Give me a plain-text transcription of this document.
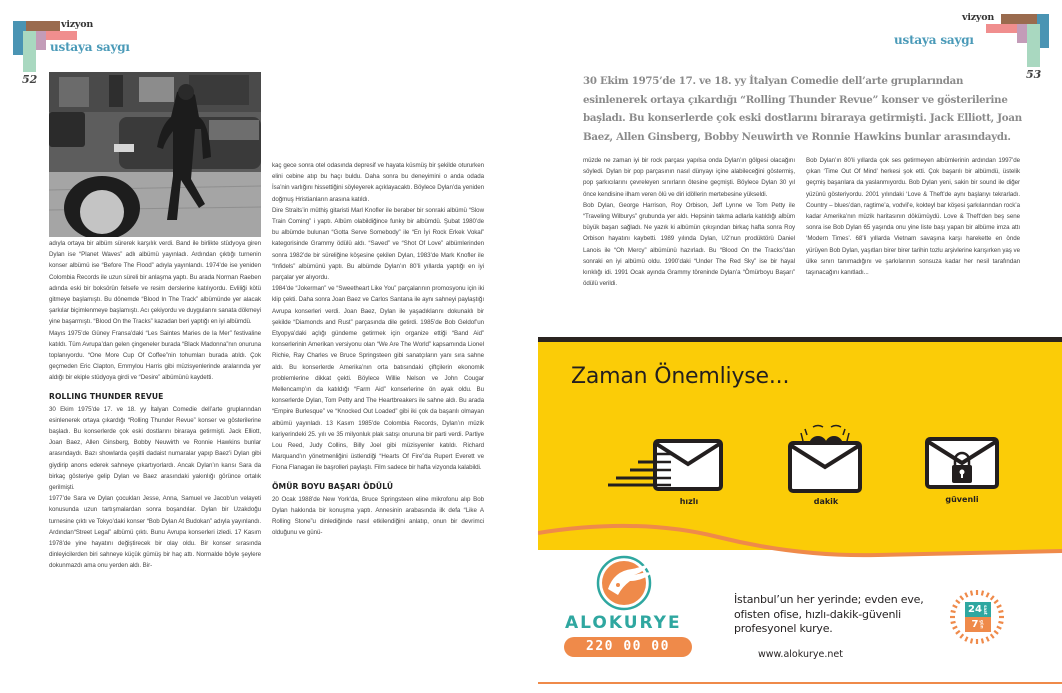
vizyon
ustaya saygı
52
vizyon
ustaya saygı
53

adıyla ortaya bir albüm sürerek karşılık verdi. Band ile birlikte stüdyoya giren Dylan ise “Planet Waves” adlı albümü yayınladı. Ardından çıktığı turnenin konser albümü ise “Before The Flood” adıyla yayınlandı. 1974’de ise yeniden Colombia Records ile uzun süreli bir anlaşma yaptı. Bu arada Norman Raeben adında eski bir boksörün felsefe ve resim derslerine katılıyordu. Evliliği kötü gitmeye başlamıştı. Bu dönemde “Blood In The Track” albümünde yer alacak şarkılar biçimlenmeye başlamıştı. Acı çekiyordu ve duygularını sanata dökmeyi yine başarmıştı. “Blood On the Tracks” kazadan beri yaptığı en iyi albümdü.

Mayıs 1975’de Güney Fransa’daki “Les Saintes Maries de la Mer” festivaline katıldı. Tüm Avrupa’dan gelen çingeneler burada “Black Madonna”nın onuruna toplanıyordu. “One More Cup Of Coffee”nin tohumları burada atıldı. Çok geçmeden Eric Clapton, Emmylou Harris gibi müzisyenlerinde aralarında yer aldığı bir ekiple stüdyoya girdi ve “Desire” albümünü kaydetti.

ROLLING THUNDER REVUE

30 Ekim 1975’de 17. ve 18. yy İtalyan Comedie dell’arte gruplarından esinlenerek ortaya çıkardığı “Rolling Thunder Revue” konser ve gösterilerine başladı. Bu konserlerde çok eski dostlarını biraraya getirmişti. Jack Elliott, Joan Baez, Allen Ginsberg, Bobby Neuwirth ve Ronnie Hawkins bunlar arasındaydı. Bazı showlarda çeşitli dadaist numaralar yapıp Baez’i Dylan gibi giydirip anons ederek sahneye çıkartıyorlardı. Ancak Dylan’ın karısı Sara da birkaç gösteriye gelip Dylan ve Baez arasındaki yakınlığı görünce ortalık gerilmişti.

1977’de Sara ve Dylan çocukları Jesse, Anna, Samuel ve Jacob’un velayeti konusunda uzun tartışmalardan sonra boşandılar. Dylan bir Uzakdoğu turnesine çıktı ve Tokyo’daki konser “Bob Dylan At Budokan” adıyla yayınlandı. Ardından“Street Legal” albümü çıktı. Bunu Avrupa konserleri izledi. 17 Kasım 1978’de yine hayatını değiştirecek bir olay oldu. Bir konser sırasında dinleyicilerden biri sahneye küçük gümüş bir haç attı. Normalde böyle şeylere dokunmazdı ama onu yerden aldı. Bir-

kaç gece sonra otel odasında depresif ve hayata küsmüş bir şekilde otururken elini cebine atıp bu haçı buldu. Daha sonra bu deneyimini o anda odada İsa’nin varlığını hissettiğini söyleyerek açıklayacaktı. Böylece Dylan’da yeniden doğmuş Hristianların arasına katıldı.

Dire Straits’in müthiş gitaristi Marl Knofler ile beraber bir sonraki albümü “Slow Train Coming” i yaptı. Albüm olabildiğince funky bir albümdü. Şubat 1980’de bu albümde bulunan “Gotta Serve Somebody” ile “En İyi Rock Erkek Vokal” kategorisinde Grammy ödülü aldı. “Saved” ve “Shot Of Love” albümlerinden sonra 1982’de bir süreliğine köşesine çekilen Dylan, 1983’de Mark Knofler ile “Infidels” albümünü yaptı. Bu albümde Dylan’ın 80’li yıllarda yaptığı en iyi parçalar yer alıyordu.

1984’de “Jokerman” ve “Sweetheart Like You” parçalarının promosyonu için iki klip çekti. Daha sonra Joan Baez ve Carlos Santana ile aynı sahneyi paylaştığı Avrupa konserleri verdi. Joan Baez, Dylan ile yaşadıklarını dokunaklı bir şekilde “Diamonds and Rust” parçasında dile getirdi. 1985’de Bob Geldof’un Etyopya’daki açlığı gündeme getirmek için organize ettiği “Band Aid” konserlerinin Amerikan versiyonu olan “We Are The World” kapsamında Lionel Richie, Ray Charles ve Bruce Springsteen gibi sanatçıların yanı sıra sahne aldı. Bu konserlerde Amerika’nın orta batısındaki çiftçilerin ekonomik problemlerine dikkat çekti. Böylece Willie Nelson ve John Cougar Mellencamp’ın da katıldığı “Farm Aid” konserlerine ön ayak oldu. Bu konserlerde Dylan, Tom Petty and The Heartbreakers ile sahne aldı. Bu arada “Empire Burlesque” ve “Knocked Out Loaded” gibi iki çok da başarılı olmayan albümü yayınladı. 13 Kasım 1985’de Colombia Records, Dylan’ın müzik kariyerindeki 25. yılı ve 35 milyonluk plak satışı onuruna bir parti verdi. Partiye Lou Reed, Judy Collins, Billy Joel gibi müzisyenler katıldı. Richard Marquand’ın yönetmenliğini üstlendiği “Hearts Of Fire”da Rupert Everett ve Fiona Flanagan ile başrolleri paylaştı. Film sadece bir hafta vizyonda kalabildi.

ÖMÜR BOYU BAŞARI ÖDÜLÜ

20 Ocak 1988’de New York’da, Bruce Springsteen eline mikrofonu alıp Bob Dylan hakkında bir konuşma yaptı. Annesinin arabasında ilk defa “Like A Rolling Stone”u dinlediğinde nasıl etkilendiğini anlatıp, onun bir devrimci olduğunu ve günü-

30 Ekim 1975’de 17. ve 18. yy İtalyan Comedie dell’arte gruplarından esinlenerek ortaya çıkardığı “Rolling Thunder Revue” konser ve gösterilerine başladı. Bu konserlerde çok eski dostlarını biraraya getirmişti. Jack Elliott, Joan Baez, Allen Ginsberg, Bobby Neuwirth ve Ronnie Hawkins bunlar arasındaydı.

müzde ne zaman iyi bir rock parçası yapılsa onda Dylan’ın gölgesi olacağını söyledi. Dylan bir pop parçasının nasıl dünyayı içine alabileceğini göstermiş, pop şarkıcılarını çevreleyen sınırların ötesine geçmişti. Böylece Dylan 30 yıl önce kendisine ilham veren ölü ve diri idöllerin mertebesine yükseldi.

Bob Dylan, George Harrison, Roy Orbison, Jeff Lynne ve Tom Petty ile “Traveling Wilburys” grubunda yer aldı. Hepsinin takma adlarla katıldığı albüm büyük başarı sağladı. Ne yazık ki albümün çıkışından birkaç hafta sonra Roy Orbison hayatını kaybetti. 1989 yılında Dylan, U2’nun prodüktörü Daniel Lanois ile “Oh Mercy” albümünü hazırladı. Bu “Blood On the Tracks”dan sonraki en iyi albümü oldu. 1990’daki “Under The Red Sky” ise bir hayal kırıklığı idi. 1991 Ocak ayında Grammy töreninde Dylan’a “Ömürboyu Başarı” ödülü verildi.

Bob Dylan’ın 80’li yıllarda çok ses getirmeyen albümlerinin ardından 1997’de çıkan ‘Time Out Of Mind’ herkesi şok etti. Çok başarılı bir albümdü, üstelik geçmiş başarılara da yaslanmıyordu. Bob Dylan yeni, sakin bir sound ile diğer yüzünü gösteriyordu. 2001 yılındaki ‘Love & Theft’de aynı başlarıyı tekrarladı. Country – blues’dan, ragtime’a, vodvil’e, kokteyl bar köşesi şarkılarından rock’a kadar Amerika’nın müzik haritasının dökümüydü. Love & Theft’den beş sene sonra ise Bob Dylan 65 yaşında onu yine liste başı yapan bir albüme imza attı ‘Modern Times’. 68’li yıllarda Vietnam savaşına karşı harekette en önde yürüyen Bob Dylan, yaşıtları birer birer tarihin tozlu arşivlerine karışırken yaş ve ülke sınırı tanımadığını ve şarkılarının sonsuza kadar her nesil tarafından taşınacağını kanıtladı...

Zaman Önemliyse...
hızlı	dakik	güvenli
ALOKURYE
220 00 00
İstanbul’un her yerinde; evden eve,
ofisten ofise, hızlı-dakik-güvenli
profesyonel kurye.
www.alokurye.net
24 saat
7 gün
